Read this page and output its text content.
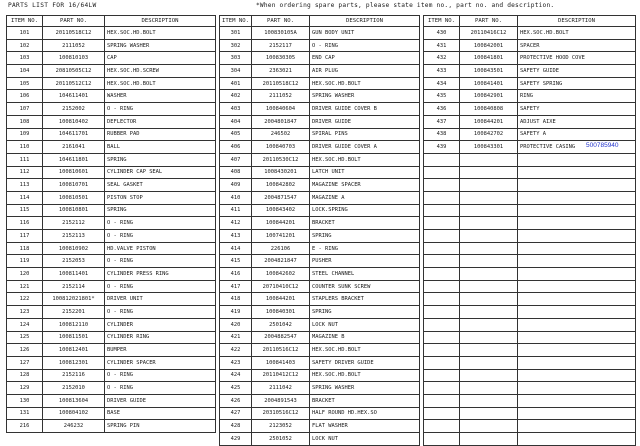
PARTS LIST FOR 16/64LW	*When ordering spare parts, please state item no., part no. and description.
ITEM NO.	PART NO.	DESCRIPTION
101	20110518C12	HEX.SOC.HD.BOLT
102	2111052	SPRING WASHER
103	100810103	CAP
104	20810505C12	HEX.SOC.HD.SCREW
105	20110512C12	HEX.SOC.HD.BOLT
106	104611401	WASHER
107	2152002	O - RING
108	100810402	DEFLECTOR
109	104611701	RUBBER PAD
110	2161041	BALL
111	104611801	SPRING
112	100810601	CYLINDER CAP SEAL
113	100810701	SEAL GASKET
114	100810501	PISTON STOP
115	100810801	SPRING
116	2152112	O - RING
117	2152113	O - RING
118	100810902	HD.VALVE PISTON
119	2152053	O - RING
120	100811401	CYLINDER PRESS RING
121	2152114	O - RING
122	100812021801*	DRIVER UNIT
123	2152201	O - RING
124	100812110	CYLINDER
125	100811501	CYLINDER RING
126	100812401	BUMPER
127	100812301	CYLINDER SPACER
128	2152116	O - RING
129	2152010	O - RING
130	100813604	DRIVER GUIDE
131	100804102	BASE
216	246232	SPRING PIN
ITEM NO.	PART NO.	DESCRIPTION
301	100830105A	GUN BODY UNIT
302	2152117	O - RING
303	100830305	END CAP
304	2363021	AIR PLUG
401	20110518C12	HEX.SOC.HD.BOLT
402	2111052	SPRING WASHER
403	100840604	DRIVER GUIDE COVER B
404	2004801847	DRIVER GUIDE
405	246502	SPIRAL PINS
406	100840703	DRIVER GUIDE COVER A
407	20110530C12	HEX.SOC.HD.BOLT
408	1008430201	LATCH UNIT
409	100842802	MAGAZINE SPACER
410	2004871547	MAGAZINE A
411	100843402	LOCK.SPRING
412	100844201	BRACKET
413	100741201	SPRING
414	226106	E - RING
415	2004821847	PUSHER
416	100842602	STEEL CHANNEL
417	20710410C12	COUNTER SUNK SCREW
418	100844201	STAPLERS BRACKET
419	100840301	SPRING
420	2501042	LOCK NUT
421	2004882547	MAGAZINE B
422	20110516C12	HEX.SOC.HD.BOLT
423	100841403	SAFETY DRIVER GUIDE
424	20110412C12	HEX.SOC.HD.BOLT
425	2111042	SPRING WASHER
426	2004891543	BRACKET
427	20310516C12	HALF ROUND HD.HEX.SO
428	2123052	FLAT WASHER
429	2501052	LOCK NUT
ITEM NO.	PART NO.	DESCRIPTION
430	20110416C12	HEX.SOC.HD.BOLT
431	100842001	SPACER
432	100841801	PROTECTIVE HOOD COVE
433	100843501	SAFETY GUIDE
434	100841401	SAFETY SPRING
435	100842901	RING
436	100840808	SAFETY
437	100844201	ADJUST AIXE
438	100842702	SAFETY A
439	100843301	PROTECTIVE CASING

		500785940
